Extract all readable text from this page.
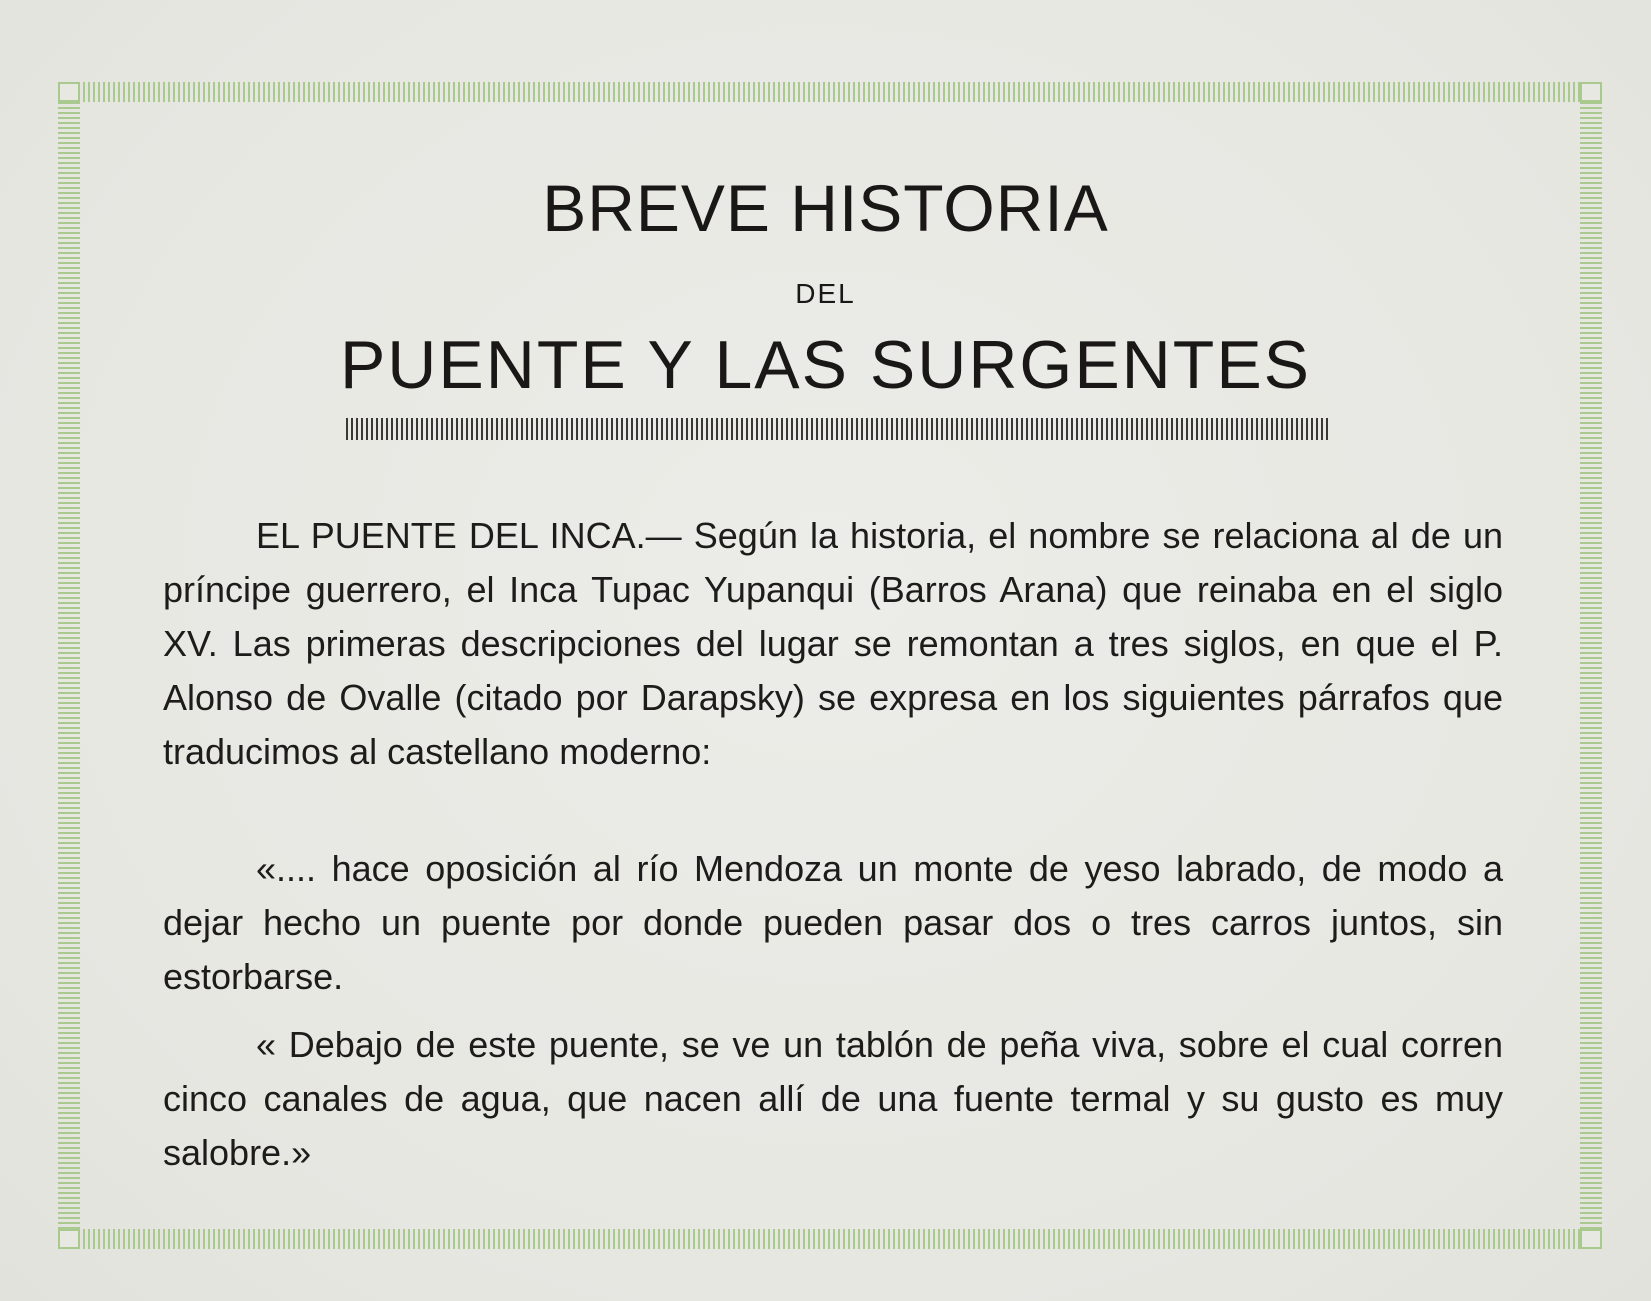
BREVE HISTORIA
DEL
PUENTE Y LAS SURGENTES

EL PUENTE DEL INCA.— Según la historia, el nombre se relaciona al de un príncipe guerrero, el Inca Tupac Yupanqui (Barros Arana) que reinaba en el siglo XV. Las primeras descripciones del lugar se remontan a tres siglos, en que el P. Alonso de Ovalle (citado por Darapsky) se expresa en los siguientes párrafos que traducimos al castellano moderno:

«.... hace oposición al río Mendoza un monte de yeso labrado, de modo a dejar hecho un puente por donde pueden pasar dos o tres carros juntos, sin estorbarse.

« Debajo de este puente, se ve un tablón de peña viva, sobre el cual corren cinco canales de agua, que nacen allí de una fuente termal y su gusto es muy salobre.»
